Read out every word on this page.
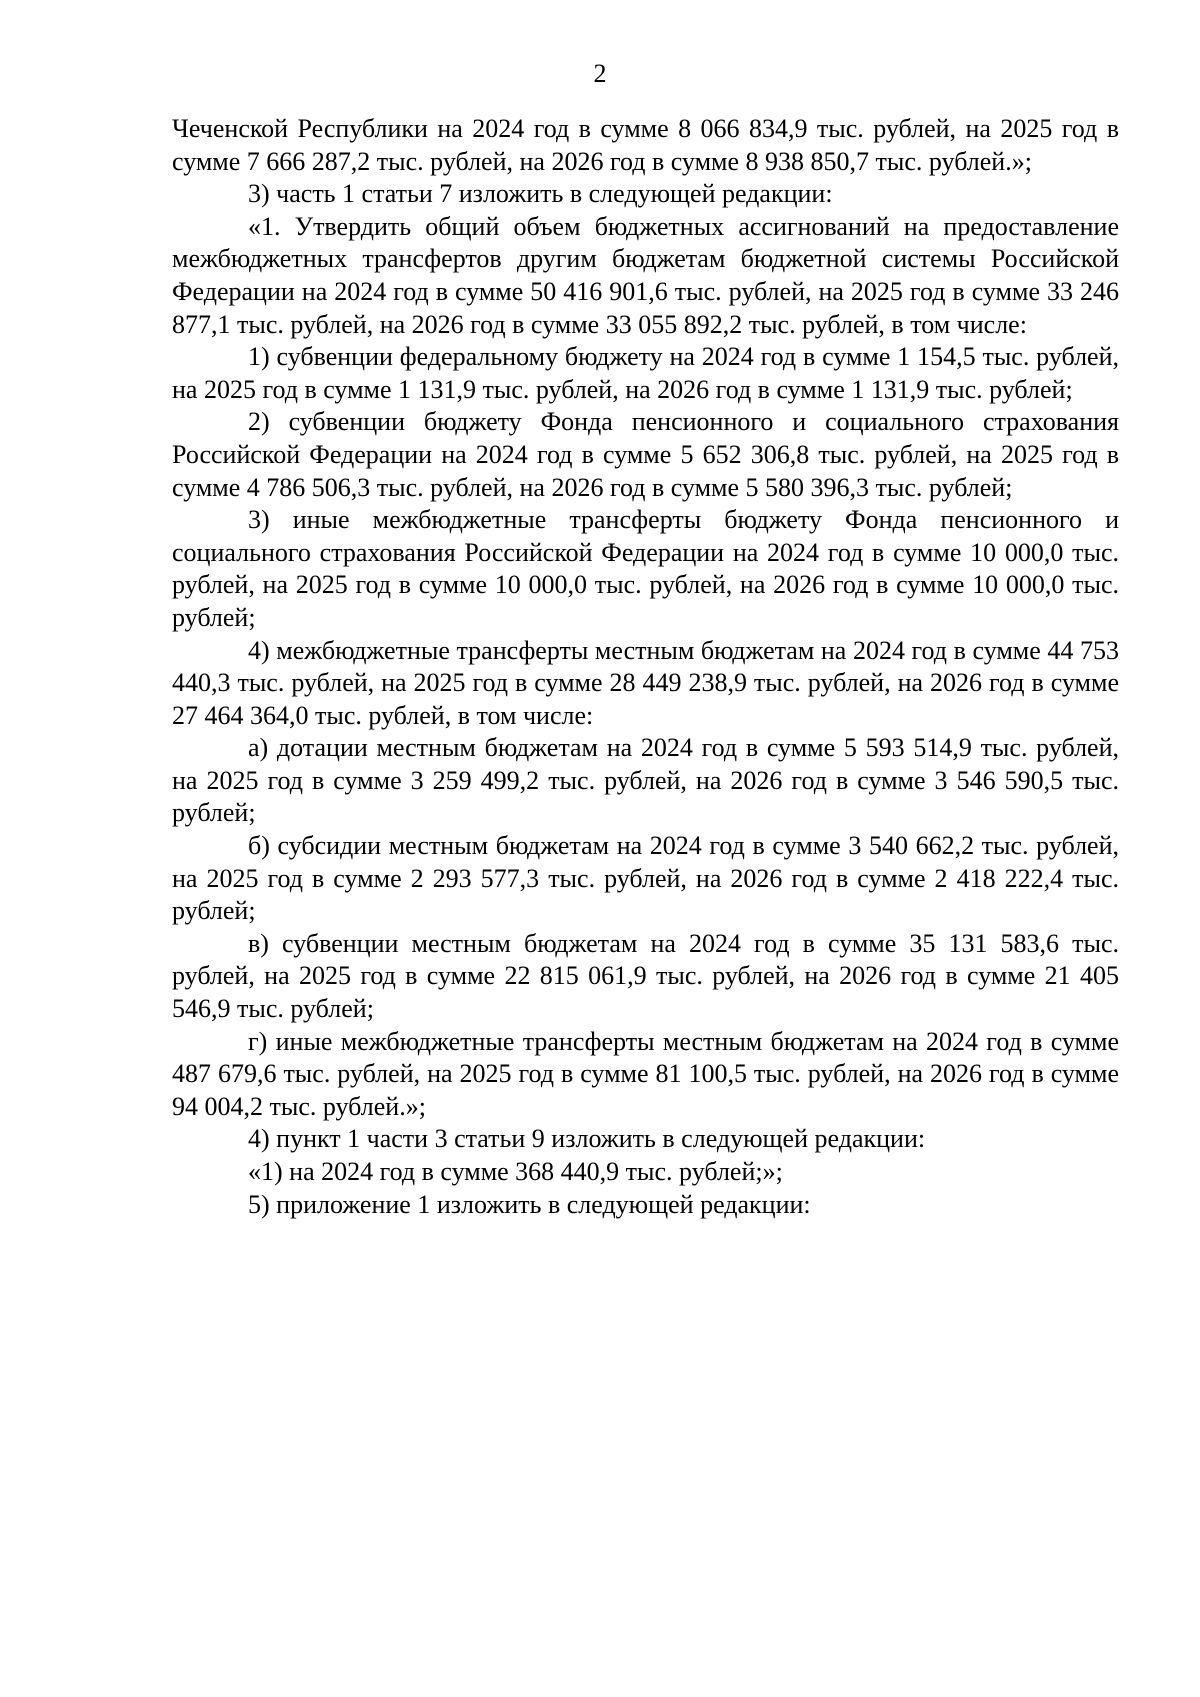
2

Чеченской Республики на 2024 год в сумме 8 066 834,9 тыс. рублей, на 2025 год в сумме 7 666 287,2 тыс. рублей, на 2026 год в сумме 8 938 850,7 тыс. рублей.»;

3) часть 1 статьи 7 изложить в следующей редакции:

«1. Утвердить общий объем бюджетных ассигнований на предоставление межбюджетных трансфертов другим бюджетам бюджетной системы Российской Федерации на 2024 год в сумме 50 416 901,6 тыс. рублей, на 2025 год в сумме 33 246 877,1 тыс. рублей, на 2026 год в сумме 33 055 892,2 тыс. рублей, в том числе:

1) субвенции федеральному бюджету на 2024 год в сумме 1 154,5 тыс. рублей, на 2025 год в сумме 1 131,9 тыс. рублей, на 2026 год в сумме 1 131,9 тыс. рублей;

2) субвенции бюджету Фонда пенсионного и социального страхования Российской Федерации на 2024 год в сумме 5 652 306,8 тыс. рублей, на 2025 год в сумме 4 786 506,3 тыс. рублей, на 2026 год в сумме 5 580 396,3 тыс. рублей;

3) иные межбюджетные трансферты бюджету Фонда пенсионного и социального страхования Российской Федерации на 2024 год в сумме 10 000,0 тыс. рублей, на 2025 год в сумме 10 000,0 тыс. рублей, на 2026 год в сумме 10 000,0 тыс. рублей;

4) межбюджетные трансферты местным бюджетам на 2024 год в сумме 44 753 440,3 тыс. рублей, на 2025 год в сумме 28 449 238,9 тыс. рублей, на 2026 год в сумме 27 464 364,0 тыс. рублей, в том числе:

а) дотации местным бюджетам на 2024 год в сумме 5 593 514,9 тыс. рублей, на 2025 год в сумме 3 259 499,2 тыс. рублей, на 2026 год в сумме 3 546 590,5 тыс. рублей;

б) субсидии местным бюджетам на 2024 год в сумме 3 540 662,2 тыс. рублей, на 2025 год в сумме 2 293 577,3 тыс. рублей, на 2026 год в сумме 2 418 222,4 тыс. рублей;

в) субвенции местным бюджетам на 2024 год в сумме 35 131 583,6 тыс. рублей, на 2025 год в сумме 22 815 061,9 тыс. рублей, на 2026 год в сумме 21 405 546,9 тыс. рублей;

г) иные межбюджетные трансферты местным бюджетам на 2024 год в сумме 487 679,6 тыс. рублей, на 2025 год в сумме 81 100,5 тыс. рублей, на 2026 год в сумме 94 004,2 тыс. рублей.»;

4) пункт 1 части 3 статьи 9 изложить в следующей редакции:

«1) на 2024 год в сумме 368 440,9 тыс. рублей;»;

5) приложение 1 изложить в следующей редакции:
